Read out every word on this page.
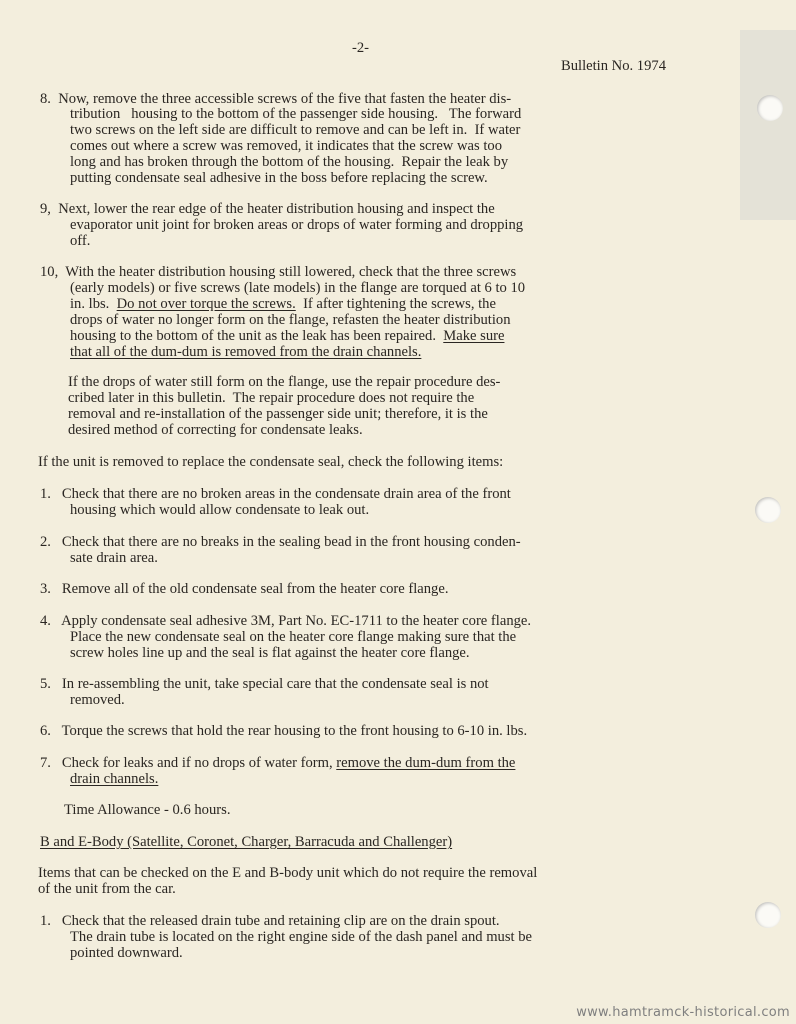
-2-
Bulletin No. 1974
8.  Now, remove the three accessible screws of the five that fasten the heater dis-
tribution   housing to the bottom of the passenger side housing.   The forward
two screws on the left side are difficult to remove and can be left in.  If water
comes out where a screw was removed, it indicates that the screw was too
long and has broken through the bottom of the housing.  Repair the leak by
putting condensate seal adhesive in the boss before replacing the screw.
9,  Next, lower the rear edge of the heater distribution housing and inspect the
evaporator unit joint for broken areas or drops of water forming and dropping
off.
10,  With the heater distribution housing still lowered, check that the three screws
(early models) or five screws (late models) in the flange are torqued at 6 to 10
in. lbs.  Do not over torque the screws.  If after tightening the screws, the
drops of water no longer form on the flange, refasten the heater distribution
housing to the bottom of the unit as the leak has been repaired.  Make sure
that all of the dum-dum is removed from the drain channels.
If the drops of water still form on the flange, use the repair procedure des-
cribed later in this bulletin.  The repair procedure does not require the
removal and re-installation of the passenger side unit; therefore, it is the
desired method of correcting for condensate leaks.
If the unit is removed to replace the condensate seal, check the following items:
1.   Check that there are no broken areas in the condensate drain area of the front
housing which would allow condensate to leak out.
2.   Check that there are no breaks in the sealing bead in the front housing conden-
sate drain area.
3.   Remove all of the old condensate seal from the heater core flange.
4.   Apply condensate seal adhesive 3M, Part No. EC-1711 to the heater core flange.
Place the new condensate seal on the heater core flange making sure that the
screw holes line up and the seal is flat against the heater core flange.
5.   In re-assembling the unit, take special care that the condensate seal is not
removed.
6.   Torque the screws that hold the rear housing to the front housing to 6-10 in. lbs.
7.   Check for leaks and if no drops of water form, remove the dum-dum from the
drain channels.
Time Allowance - 0.6 hours.
B and E-Body (Satellite, Coronet, Charger, Barracuda and Challenger)
Items that can be checked on the E and B-body unit which do not require the removal
of the unit from the car.
1.   Check that the released drain tube and retaining clip are on the drain spout.
The drain tube is located on the right engine side of the dash panel and must be
pointed downward.
www.hamtramck-historical.com
